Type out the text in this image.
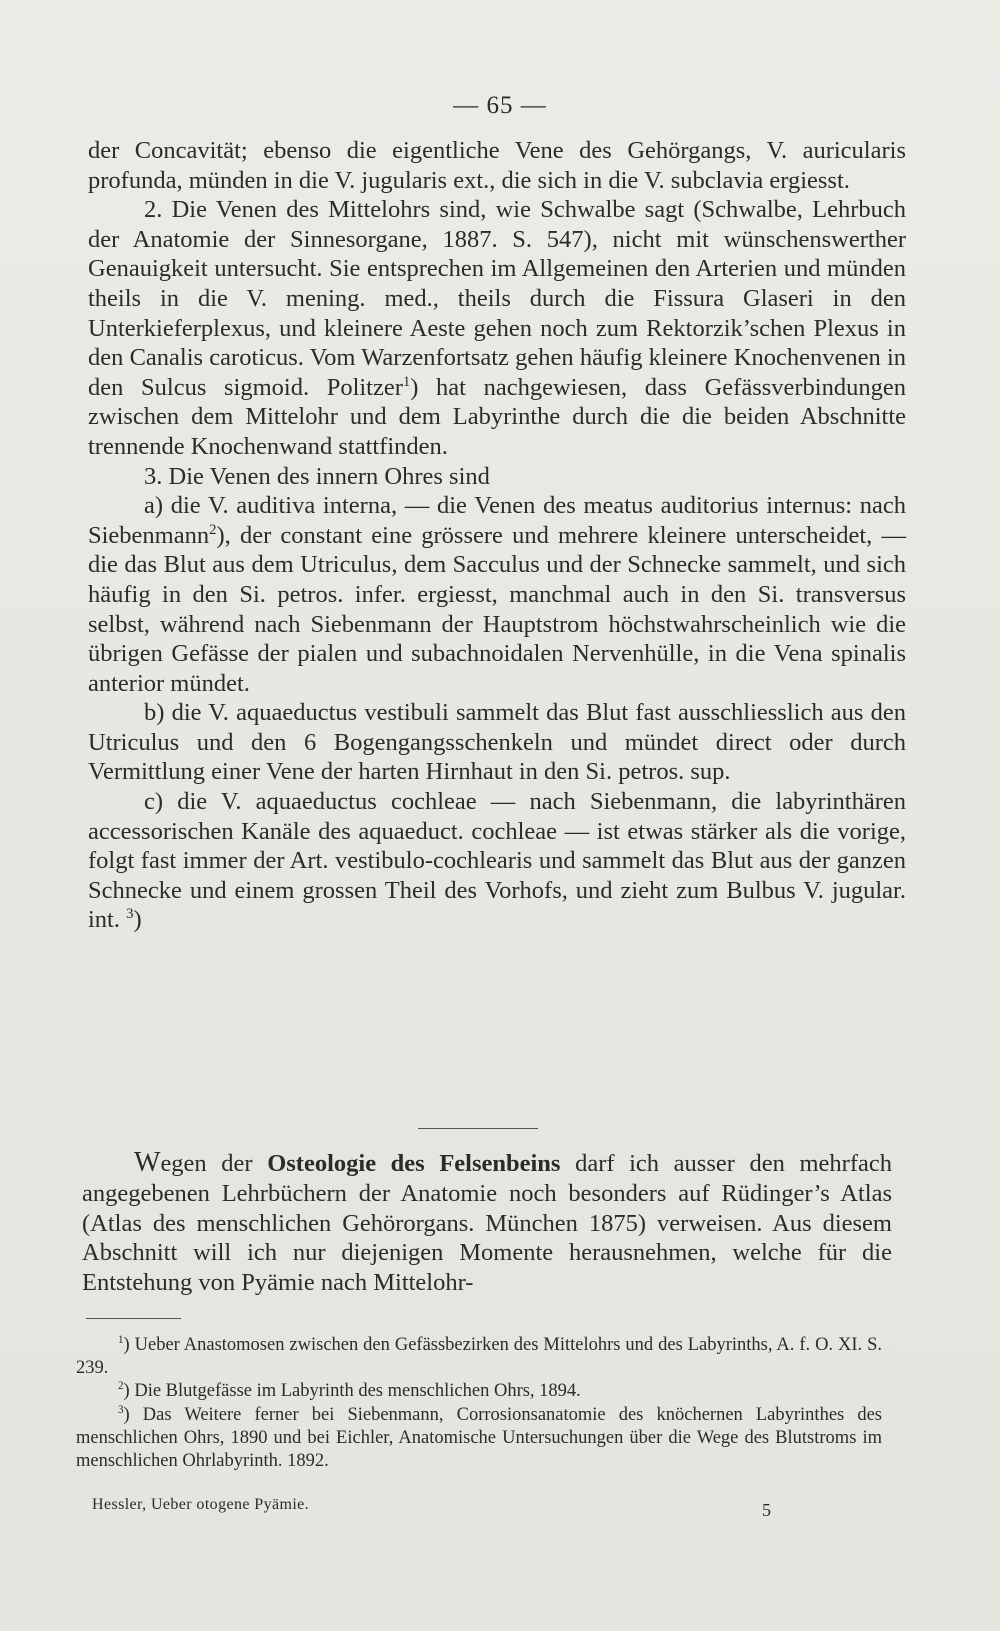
— 65 —

der Concavität; ebenso die eigentliche Vene des Gehörgangs, V. auricularis profunda, münden in die V. jugularis ext., die sich in die V. subclavia ergiesst.

2. Die Venen des Mittelohrs sind, wie Schwalbe sagt (Schwalbe, Lehrbuch der Anatomie der Sinnesorgane, 1887. S. 547), nicht mit wünschenswerther Genauigkeit untersucht. Sie entsprechen im Allgemeinen den Arterien und münden theils in die V. mening. med., theils durch die Fissura Glaseri in den Unterkieferplexus, und kleinere Aeste gehen noch zum Rektorzik’schen Plexus in den Canalis caroticus. Vom Warzenfortsatz gehen häufig kleinere Knochenvenen in den Sulcus sigmoid. Politzer$^1$) hat nachgewiesen, dass Gefässverbindungen zwischen dem Mittelohr und dem Labyrinthe durch die die beiden Abschnitte trennende Knochenwand stattfinden.

3. Die Venen des innern Ohres sind

a) die V. auditiva interna, — die Venen des meatus auditorius internus: nach Siebenmann$^2$), der constant eine grössere und mehrere kleinere unterscheidet, — die das Blut aus dem Utriculus, dem Sacculus und der Schnecke sammelt, und sich häufig in den Si. petros. infer. ergiesst, manchmal auch in den Si. transversus selbst, während nach Siebenmann der Hauptstrom höchstwahrscheinlich wie die übrigen Gefässe der pialen und subachnoidalen Nervenhülle, in die Vena spinalis anterior mündet.

b) die V. aquaeductus vestibuli sammelt das Blut fast ausschliesslich aus den Utriculus und den 6 Bogengangsschenkeln und mündet direct oder durch Vermittlung einer Vene der harten Hirnhaut in den Si. petros. sup.

c) die V. aquaeductus cochleae — nach Siebenmann, die labyrinthären accessorischen Kanäle des aquaeduct. cochleae — ist etwas stärker als die vorige, folgt fast immer der Art. vestibulo-cochlearis und sammelt das Blut aus der ganzen Schnecke und einem grossen Theil des Vorhofs, und zieht zum Bulbus V. jugular. int. $^3$)

Wegen der Osteologie des Felsenbeins darf ich ausser den mehrfach angegebenen Lehrbüchern der Anatomie noch besonders auf Rüdinger’s Atlas (Atlas des menschlichen Gehörorgans. München 1875) verweisen. Aus diesem Abschnitt will ich nur diejenigen Momente herausnehmen, welche für die Entstehung von Pyämie nach Mittelohr-

$^1$) Ueber Anastomosen zwischen den Gefässbezirken des Mittelohrs und des Labyrinths, A. f. O. XI. S. 239.

$^2$) Die Blutgefässe im Labyrinth des menschlichen Ohrs, 1894.

$^3$) Das Weitere ferner bei Siebenmann, Corrosionsanatomie des knöchernen Labyrinthes des menschlichen Ohrs, 1890 und bei Eichler, Anatomische Untersuchungen über die Wege des Blutstroms im menschlichen Ohrlabyrinth. 1892.

Hessler, Ueber otogene Pyämie.	5
